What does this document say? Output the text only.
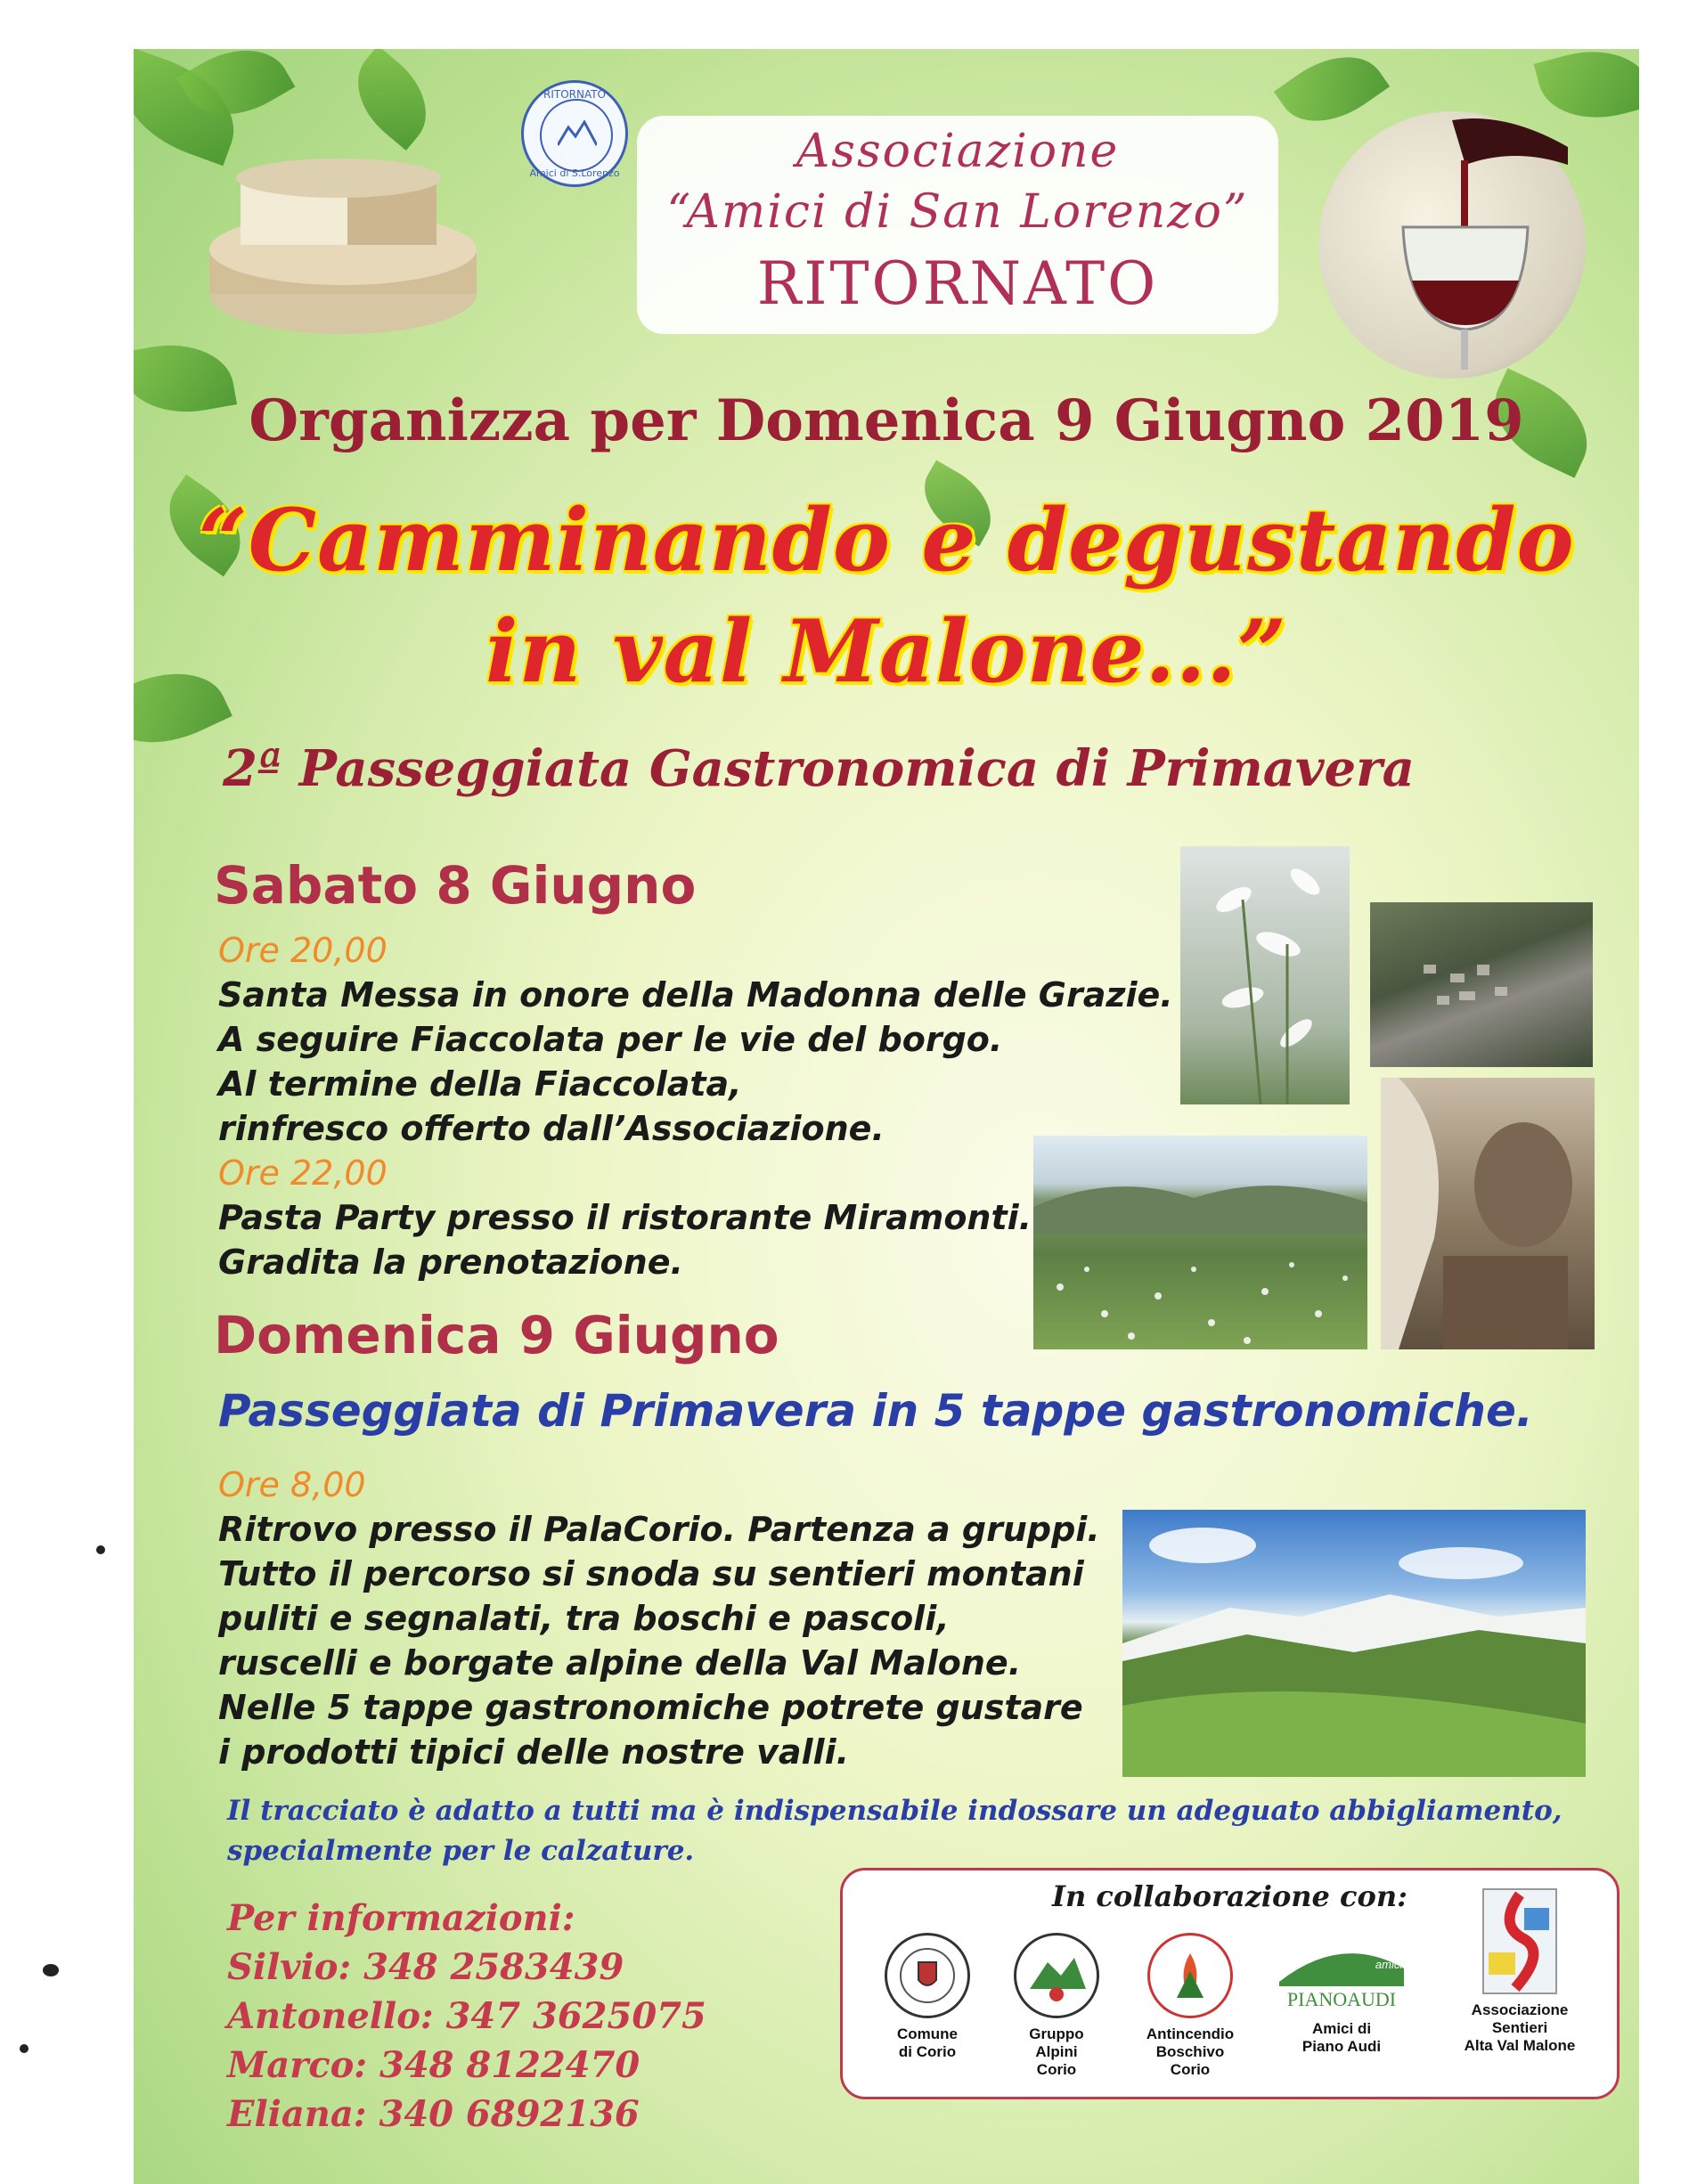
RITORNATO
Amici di S.Lorenzo	Associazione
“Amici di San Lorenzo”
RITORNATO
Organizza per Domenica 9 Giugno 2019
“Camminando e degustando
in val Malone...”
2ª Passeggiata Gastronomica di Primavera
Sabato 8 Giugno
Ore 20,00
Santa Messa in onore della Madonna delle Grazie.
A seguire Fiaccolata per le vie del borgo.
Al termine della Fiaccolata,
rinfresco offerto dall’Associazione.
Ore 22,00
Pasta Party presso il ristorante Miramonti.
Gradita la prenotazione.
Domenica 9 Giugno
Passeggiata di Primavera in 5 tappe gastronomiche.
Ore 8,00
Ritrovo presso il PalaCorio. Partenza a gruppi.
Tutto il percorso si snoda su sentieri montani
puliti e segnalati, tra boschi e pascoli,
ruscelli e borgate alpine della Val Malone.
Nelle 5 tappe gastronomiche potrete gustare
i prodotti tipici delle nostre valli.
Il tracciato è adatto a tutti ma è indispensabile indossare un adeguato abbigliamento,
specialmente per le calzature.
Per informazioni:
Silvio: 348 2583439
Antonello: 347 3625075
Marco: 348 8122470
Eliana: 340 6892136
In collaborazione con:
Comune
di Corio
Gruppo
Alpini
Corio
Antincendio
Boschivo
Corio
amici di
PIANOAUDI
Amici di
Piano Audi
Associazione
Sentieri
Alta Val Malone
